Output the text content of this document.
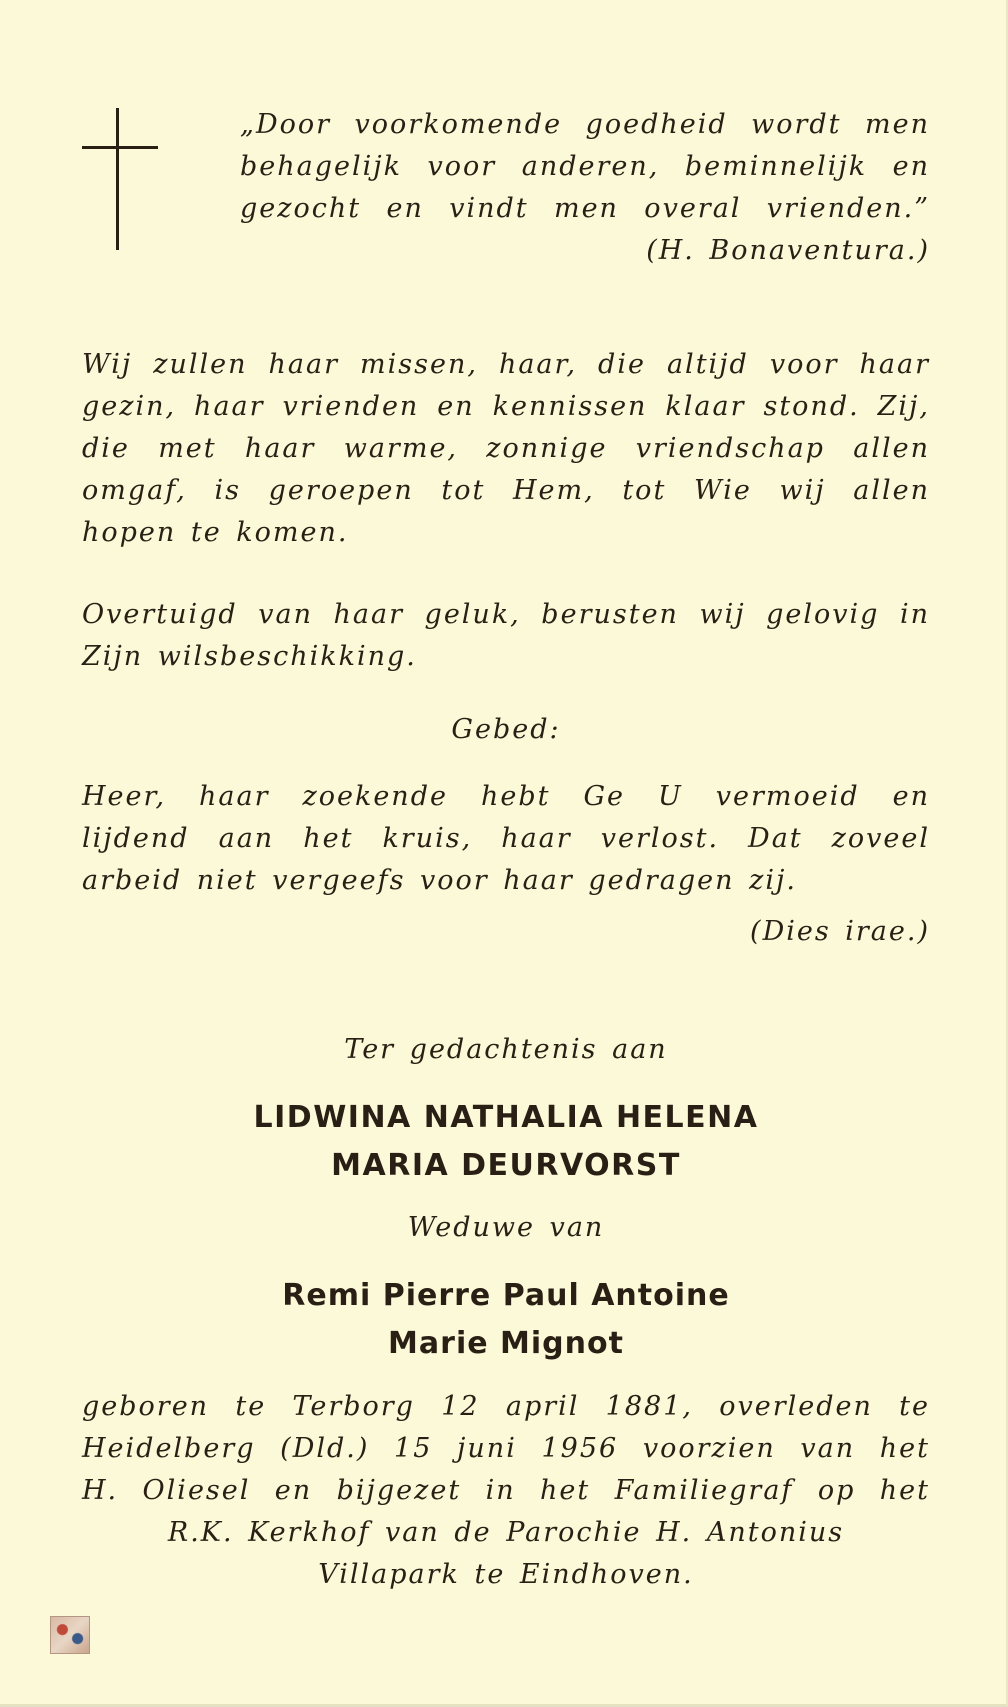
„Door voorkomende goedheid wordt men
behagelijk voor anderen, beminnelijk en
gezocht en vindt men overal vrienden.”
(H. Bonaventura.)
Wij zullen haar missen, haar, die altijd voor haar
gezin, haar vrienden en kennissen klaar stond. Zij,
die met haar warme, zonnige vriendschap allen
omgaf, is geroepen tot Hem, tot Wie wij allen
hopen te komen.
Overtuigd van haar geluk, berusten wij gelovig in
Zijn wilsbeschikking.
Gebed:
Heer, haar zoekende hebt Ge U vermoeid en
lijdend aan het kruis, haar verlost. Dat zoveel
arbeid niet vergeefs voor haar gedragen zij.
(Dies irae.)
Ter gedachtenis aan
LIDWINA NATHALIA HELENA
MARIA DEURVORST
Weduwe van
Remi Pierre Paul Antoine
Marie Mignot
geboren te Terborg 12 april 1881, overleden te
Heidelberg (Dld.) 15 juni 1956 voorzien van het
H. Oliesel en bijgezet in het Familiegraf op het
R.K. Kerkhof van de Parochie H. Antonius
Villapark te Eindhoven.
